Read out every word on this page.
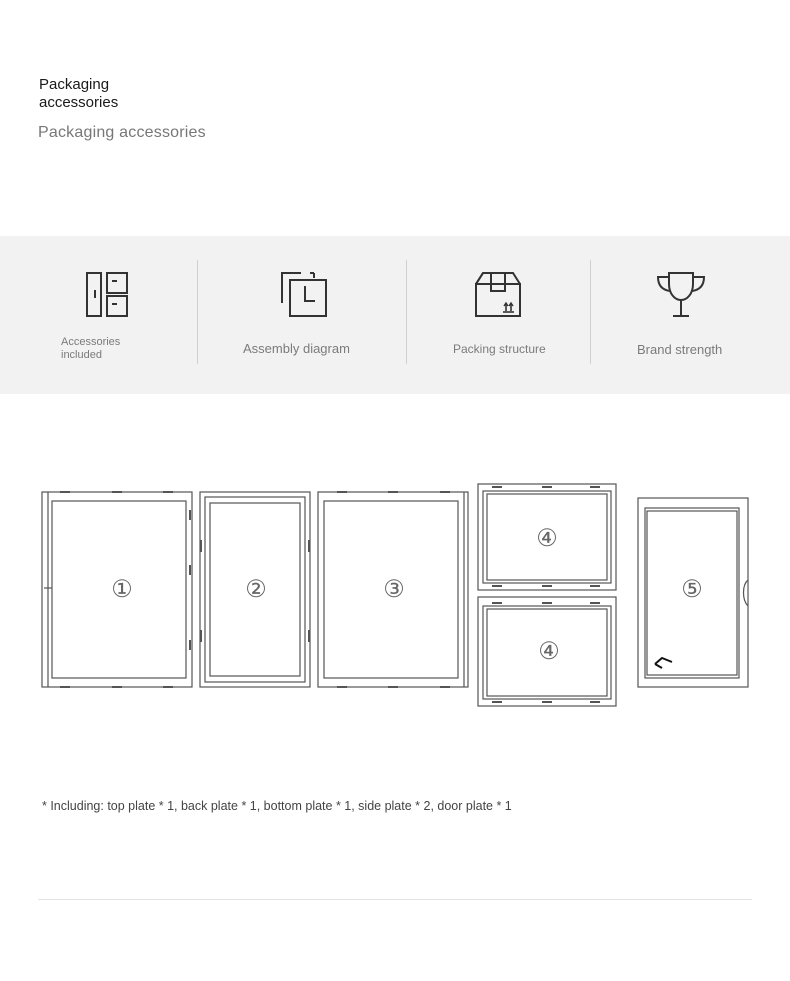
Packaging accessories
Packaging accessories
Accessories included	Assembly diagram	Packing structure	Brand strength
①	②	③
④
④
⑤
* Including: top plate * 1, back plate * 1, bottom plate * 1, side plate * 2, door plate * 1
